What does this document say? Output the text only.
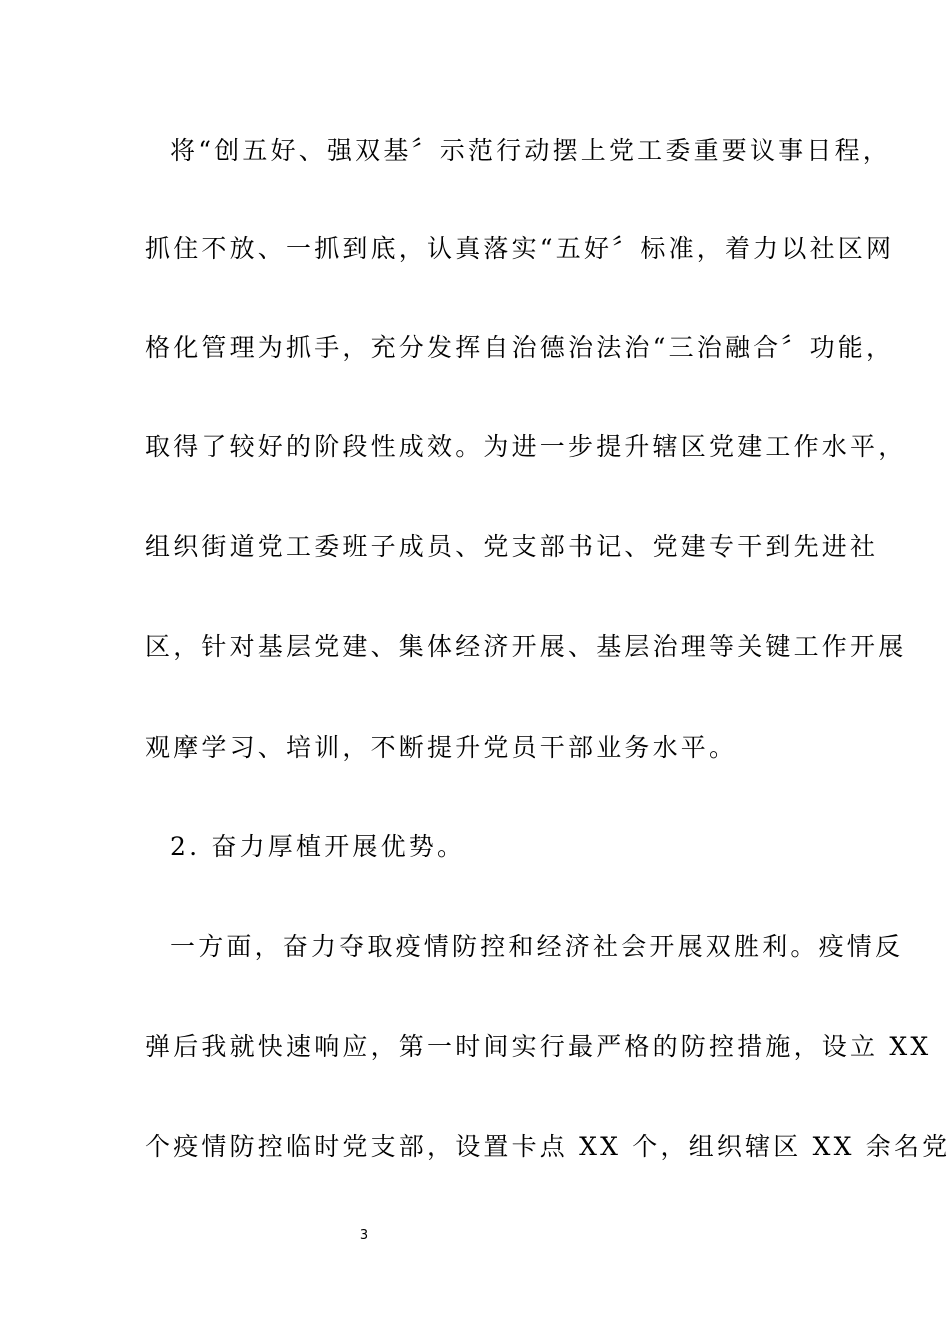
将“创五好、强双基〞示范行动摆上党工委重要议事日程，
抓住不放、一抓到底，认真落实“五好〞标准，着力以社区网
格化管理为抓手，充分发挥自治德治法治“三治融合〞功能，
取得了较好的阶段性成效。为进一步提升辖区党建工作水平，
组织街道党工委班子成员、党支部书记、党建专干到先进社
区，针对基层党建、集体经济开展、基层治理等关键工作开展
观摩学习、培训，不断提升党员干部业务水平。
2. 奋力厚植开展优势。
一方面，奋力夺取疫情防控和经济社会开展双胜利。疫情反
弹后我就快速响应，第一时间实行最严格的防控措施，设立 XX
个疫情防控临时党支部，设置卡点 XX 个，组织辖区 XX 余名党
3
